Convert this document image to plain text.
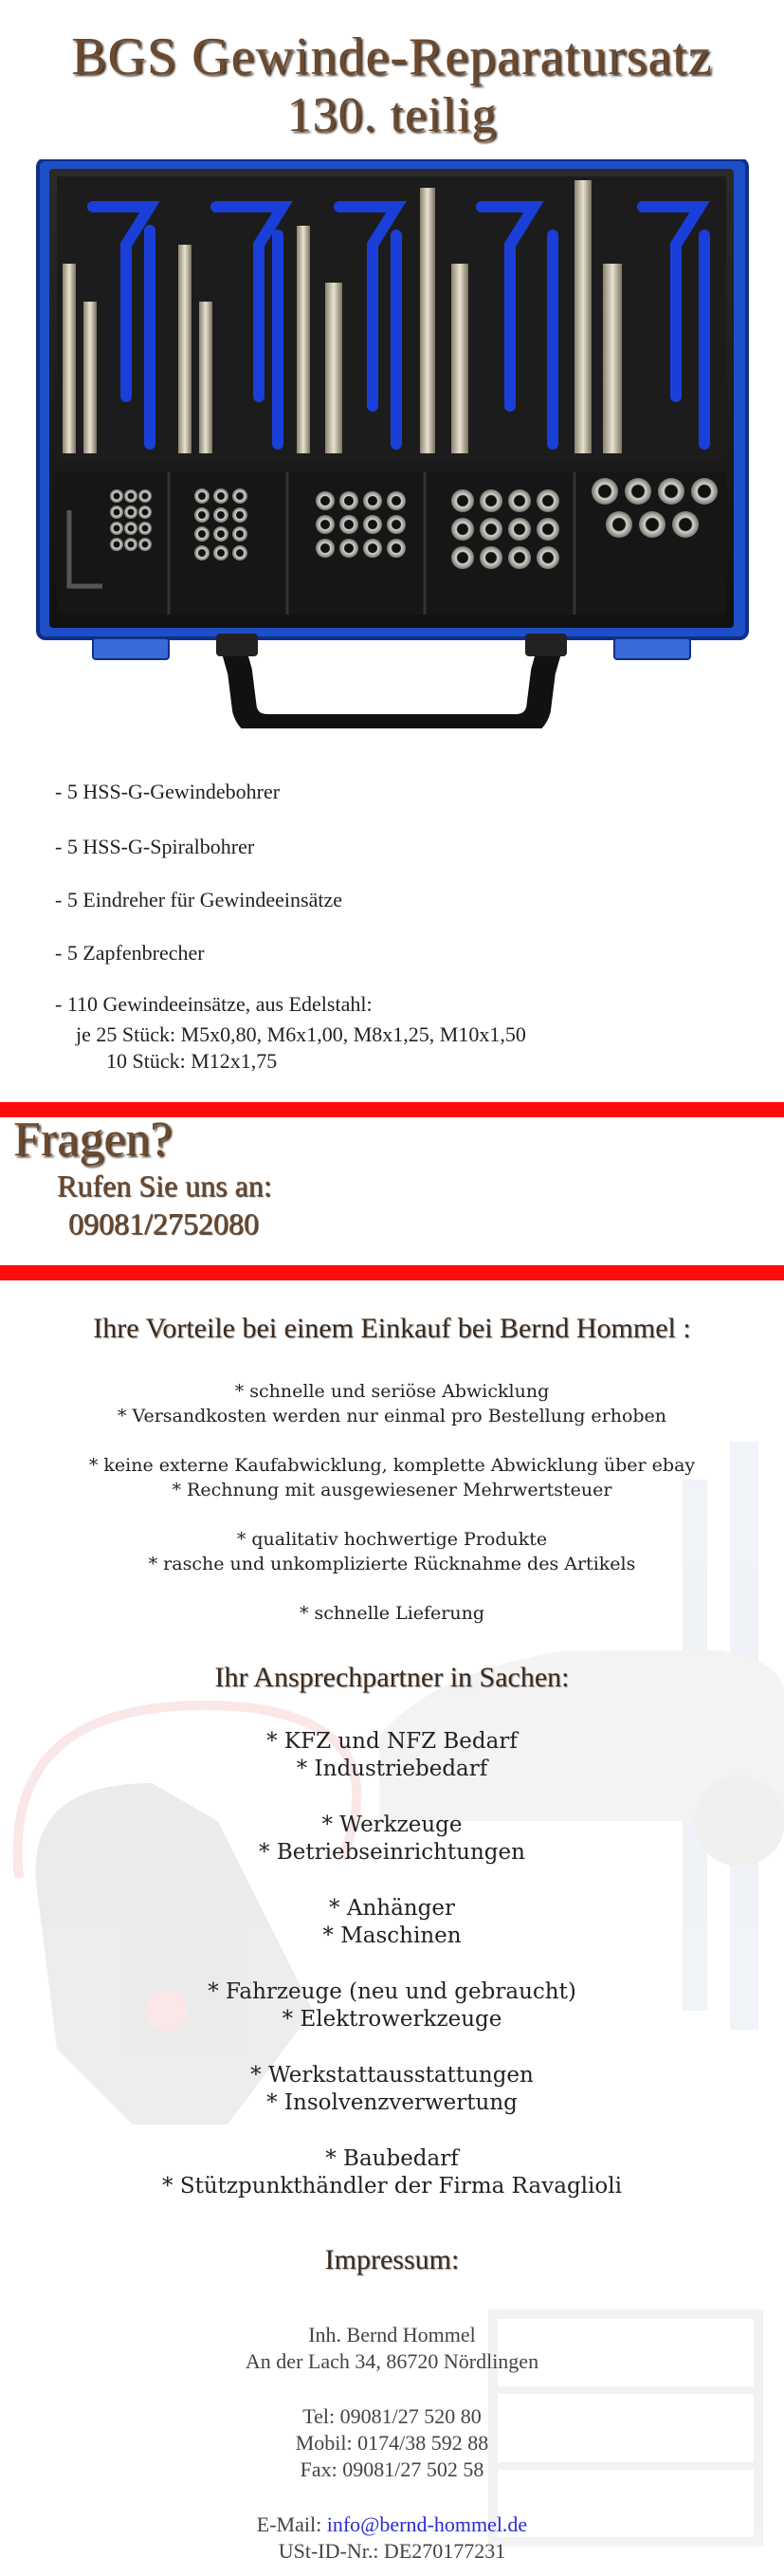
BGS Gewinde-Reparatursatz
130. teilig
- 5 HSS-G-Gewindebohrer
- 5 HSS-G-Spiralbohrer
- 5 Eindreher für Gewindeeinsätze
- 5 Zapfenbrecher
- 110 Gewindeeinsätze, aus Edelstahl:
je 25 Stück: M5x0,80, M6x1,00, M8x1,25, M10x1,50
10 Stück: M12x1,75
Fragen?
Rufen Sie uns an:
09081/2752080
Ihre Vorteile bei einem Einkauf bei Bernd Hommel :
* schnelle und seriöse Abwicklung
* Versandkosten werden nur einmal pro Bestellung erhoben
* keine externe Kaufabwicklung, komplette Abwicklung über ebay
* Rechnung mit ausgewiesener Mehrwertsteuer
* qualitativ hochwertige Produkte
* rasche und unkomplizierte Rücknahme des Artikels
* schnelle Lieferung
Ihr Ansprechpartner in Sachen:
* KFZ und NFZ Bedarf
* Industriebedarf
* Werkzeuge
* Betriebseinrichtungen
* Anhänger
* Maschinen
* Fahrzeuge (neu und gebraucht)
* Elektrowerkzeuge
* Werkstattausstattungen
* Insolvenzverwertung
* Baubedarf
* Stützpunkthändler der Firma Ravaglioli
Impressum:
Inh. Bernd Hommel
An der Lach 34, 86720 Nördlingen
Tel: 09081/27 520 80
Mobil: 0174/38 592 88
Fax: 09081/27 502 58
E-Mail: info@bernd-hommel.de
USt-ID-Nr.: DE270177231
